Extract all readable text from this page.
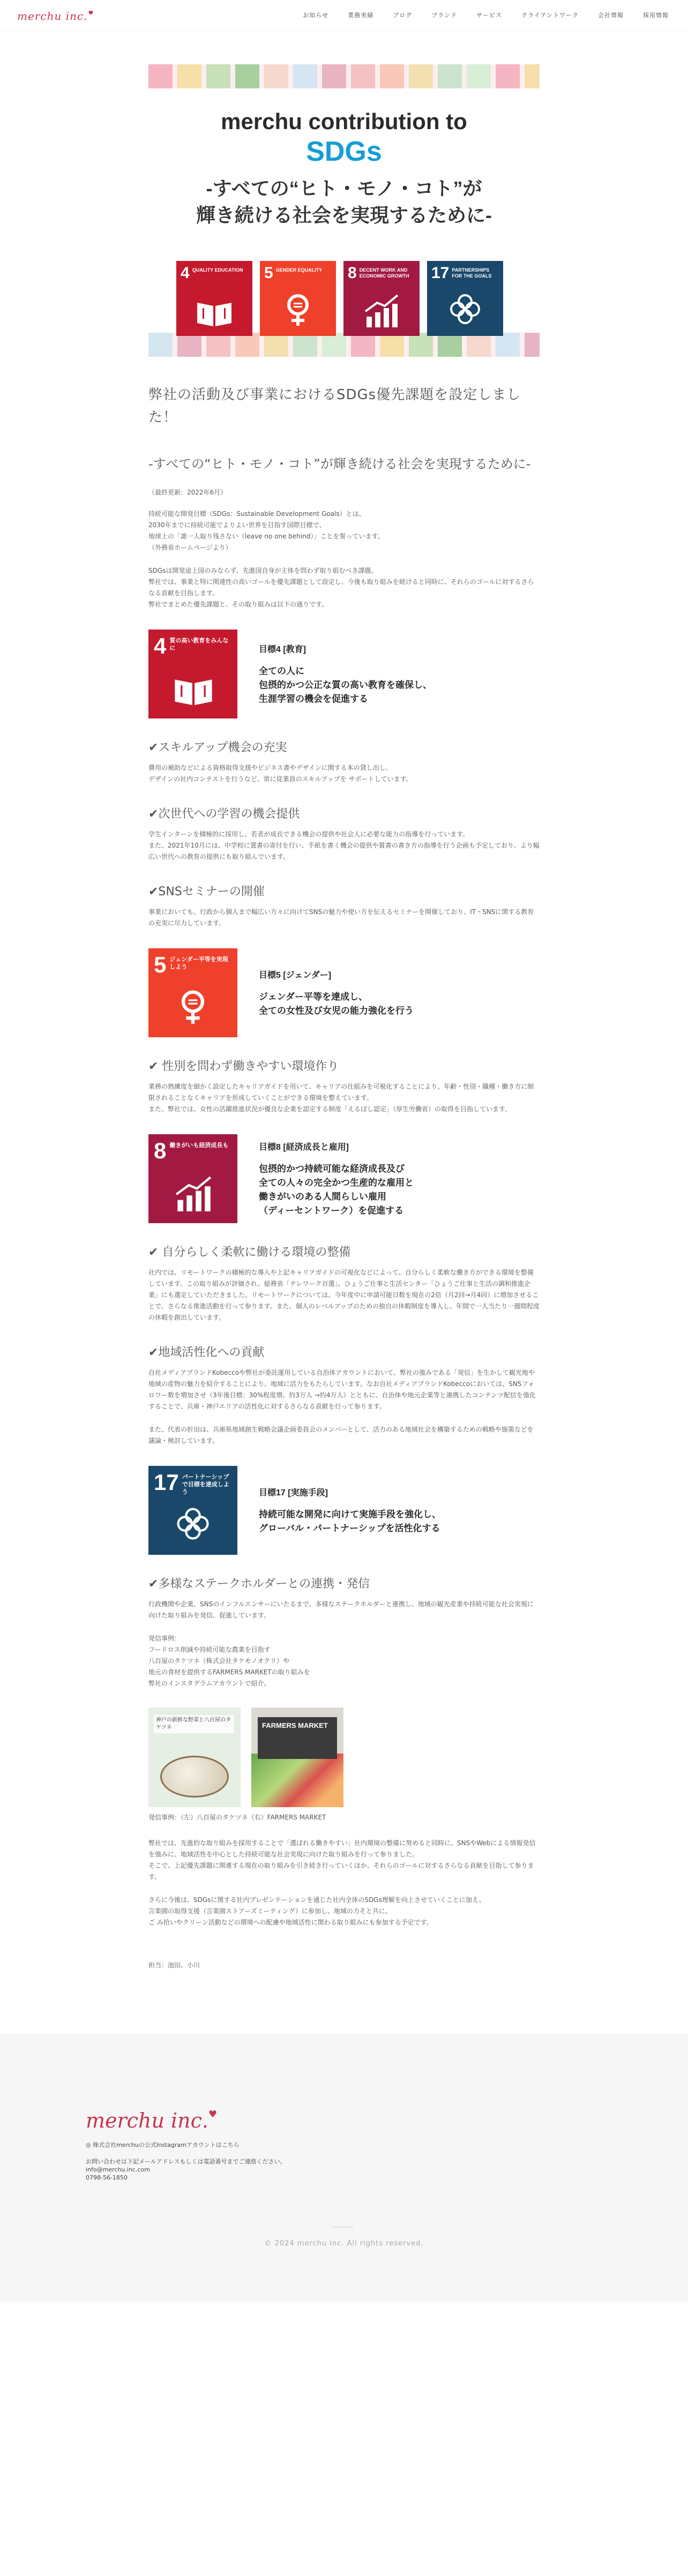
merchu inc.♥	お知らせ	業務実績	ブログ	ブランド	サービス	クライアントワーク	会社情報	採用情報
merchu contribution to
SDGs
-すべての“ヒト・モノ・コト”が
輝き続ける社会を実現するために-
4 QUALITY EDUCATION	5 GENDER EQUALITY	8 DECENT WORK AND ECONOMIC GROWTH	17 PARTNERSHIPS FOR THE GOALS
弊社の活動及び事業におけるSDGs優先課題を設定しました！
-すべての“ヒト・モノ・コト”が輝き続ける社会を実現するために-
（最終更新：2022年6月）

持続可能な開発目標（SDGs：Sustainable Development Goals）とは、
2030年までに持続可能でよりよい世界を目指す国際目標で、
地球上の「誰一人取り残さない（leave no one behind）」ことを誓っています。
（外務省ホームページより）

SDGsは開発途上国のみならず、先進国自身が主体を問わず取り組むべき課題。
弊社では、事業と特に関連性の高いゴールを優先課題として設定し、今後も取り組みを続けると同時に、それらのゴールに対するさらなる貢献を目指します。
弊社でまとめた優先課題と、その取り組みは以下の通りです。

4 質の高い教育をみんなに	目標4 [教育]
全ての人に
包摂的かつ公正な質の高い教育を確保し、
生涯学習の機会を促進する
✔スキルアップ機会の充実

費用の補助などによる資格取得支援やビジネス書やデザインに関する本の貸し出し、
デザインの社内コンテストを行うなど、常に従業員のスキルアップを サポートしています。

✔次世代への学習の機会提供

学生インターンを積極的に採用し、若者が成長できる機会の提供や社会人に必要な能力の指導を行っています。
また、2021年10月には、中学校に置書の寄付を行い、手紙を書く機会の提供や賞書の書き方の指導を行う企画も予定しており、より幅広い世代への教育の提供にも取り組んでいます。

✔SNSセミナーの開催

事業においても、行政から個人まで幅広い方々に向けてSNSの魅力や使い方を伝えるセミナーを開催しており、IT・SNSに関する教育の充実に尽力しています。

5 ジェンダー平等を実現しよう
目標5 [ジェンダー]
ジェンダー平等を達成し、
全ての女性及び女児の能力強化を行う
✔ 性別を問わず働きやすい環境作り

業務の熟練度を細かく設定したキャリアガイドを用いて、キャリアの仕組みを可視化することにより、年齢・性別・職種・働き方に制限されることなくキャリアを形成していくことができる環境を整えています。
また、弊社では、女性の活躍推進状況が優良な企業を認定する制度「えるぼし認定」（厚生労働省）の取得を目指しています。

8 働きがいも経済成長も	目標8 [経済成長と雇用]
包摂的かつ持続可能な経済成長及び
全ての人々の完全かつ生産的な雇用と
働きがいのある人間らしい雇用
（ディーセントワーク）を促進する
✔ 自分らしく柔軟に働ける環境の整備

社内では、リモートワークの積極的な導入や上記キャリアガイドの可視化などによって、自分らしく柔軟な働き方ができる環境を整備しています。この取り組みが評価され、総務省「テレワーク百選」、ひょうご仕事と生活センター「ひょうご仕事と生活の調和推進企業」にも選定していただきました。リモートワークについては、今年度中に申請可能日数を現在の2倍（月2回→月4回）に増加させることで、さらなる推進活動を行って参ります。また、個人のレベルアップのための独自の休暇制度を導入し、年間で一人当たり一週間程度の休暇を創出しています。

✔地域活性化への貢献

自社メディアブランドKobeccoや弊社が委託運用している自治体アカウントにおいて、弊社の強みである「発信」を生かして観光地や地域の産物の魅力を紹介することにより、地域に活力をもたらしています。なお自社メディアブランドKobeccoにおいては、SNSフォロワー数を増加させ（3年後目標：30%程度増、約3万人 →約4万人）とともに、自治体や地元企業等と連携したコンテンツ配信を強化することで、兵庫・神戸エリアの活性化に対するさらなる貢献を行って参ります。

また、代表の折田は、兵庫県地域創生戦略会議企画委員会のメンバーとして、活力のある地域社会を構築するための戦略や施策などを議論・検討しています。

17 パートナーシップで目標を達成しよう	目標17 [実施手段]
持続可能な開発に向けて実施手段を強化し、
グローバル・パートナーシップを活性化する
✔多様なステークホルダーとの連携・発信

行政機関や企業、SNSのインフルエンサーにいたるまで、多様なステークホルダーと連携し、地域の観光産業や持続可能な社会実現に向けた取り組みを発信、促進しています。

発信事例：
フードロス削減や持続可能な農業を目指す
八百屋のタケツネ（株式会社タケモノオクリ）や
地元の食材を提供するFARMERS MARKETの取り組みを
弊社のインスタグラムアカウントで紹介。

神戸の新鮮な野菜と八百屋のタケツネ	FARMERS MARKET
発信事例：（左）八百屋のタケツネ（右）FARMERS MARKET

弊社では、先進的な取り組みを採用することで「選ばれる働きやすい」社内環境の整備に努めると同時に、SNSやWebによる情報発信を強みに、地域活性を中心とした持続可能な社会実現に向けた取り組みを行って参りました。
そこで、上記優先課題に関連する現在の取り組みを引き続き行っていくほか、それらのゴールに対するさらなる貢献を目指して参ります。

さらに今後は、SDGsに関する社内プレゼンテーションを通じた社内全体のSDGs理解を向上させていくことに加え、
言楽園の取得支援（言楽園ストアーズミーティング）に参加し、地域の力そと共に、
ご み拾いやクリーン活動などの環境への配慮や地域活性に関わる取り組みにも参加する予定です。

担当：池田、小川
merchu inc.♥
◎ 株式会社merchuの公式Instagramアカウントはこちら
お問い合わせは下記メールアドレスもしくは電話番号までご連絡ください。
info@merchu.inc.com
0798-56-1850
© 2024 merchu inc. All rights reserved.
